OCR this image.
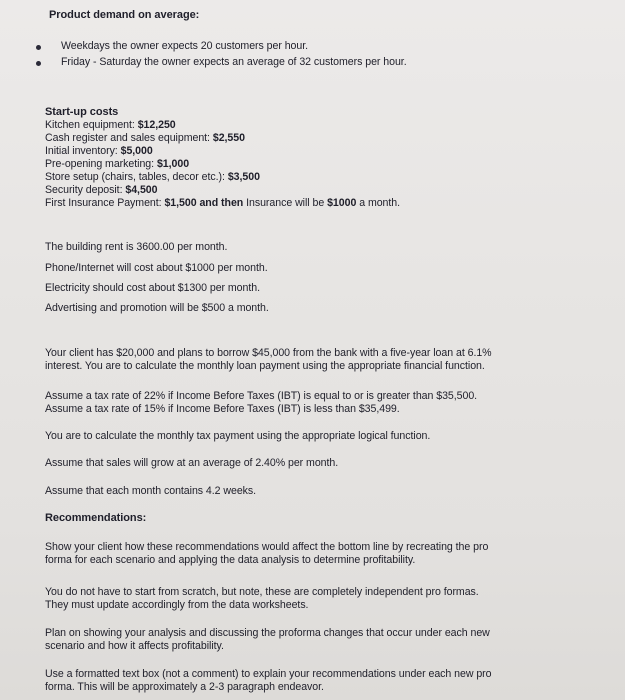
Product demand on average:
Weekdays the owner expects 20 customers per hour.
Friday - Saturday the owner expects an average of 32 customers per hour.
Start-up costs
Kitchen equipment: $12,250
Cash register and sales equipment: $2,550
Initial inventory: $5,000
Pre-opening marketing: $1,000
Store setup (chairs, tables, decor etc.): $3,500
Security deposit: $4,500
First Insurance Payment: $1,500 and then Insurance will be $1000 a month.
The building rent is 3600.00 per month.
Phone/Internet will cost about $1000 per month.
Electricity should cost about $1300 per month.
Advertising and promotion will be $500 a month.
Your client has $20,000 and plans to borrow $45,000 from the bank with a five-year loan at 6.1%
interest. You are to calculate the monthly loan payment using the appropriate financial function.
Assume a tax rate of 22% if Income Before Taxes (IBT) is equal to or is greater than $35,500.
Assume a tax rate of 15% if Income Before Taxes (IBT) is less than $35,499.
You are to calculate the monthly tax payment using the appropriate logical function.
Assume that sales will grow at an average of 2.40% per month.
Assume that each month contains 4.2 weeks.
Recommendations:
Show your client how these recommendations would affect the bottom line by recreating the pro
forma for each scenario and applying the data analysis to determine profitability.
You do not have to start from scratch, but note, these are completely independent pro formas.
They must update accordingly from the data worksheets.
Plan on showing your analysis and discussing the proforma changes that occur under each new
scenario and how it affects profitability.
Use a formatted text box (not a comment) to explain your recommendations under each new pro
forma. This will be approximately a 2-3 paragraph endeavor.
